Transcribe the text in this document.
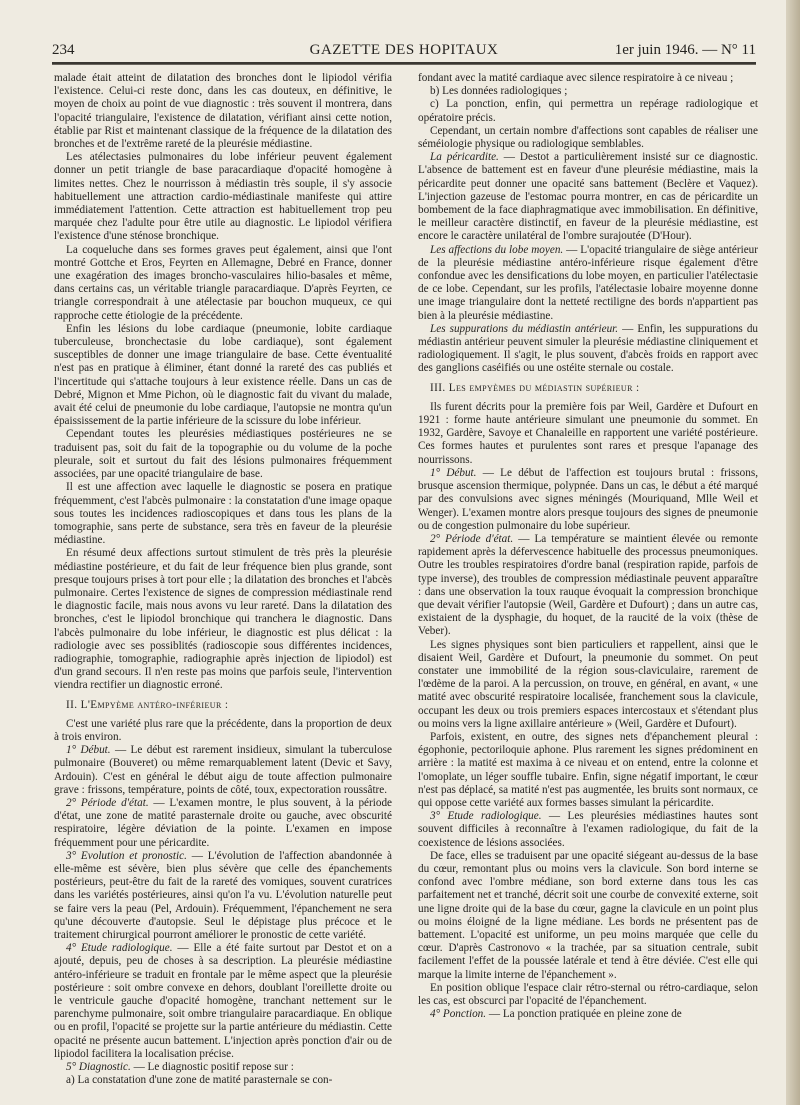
234	GAZETTE DES HOPITAUX	1er juin 1946. — N° 11

malade était atteint de dilatation des bronches dont le lipiodol vérifia l'existence. Celui-ci reste donc, dans les cas douteux, en définitive, le moyen de choix au point de vue diagnostic : très souvent il montrera, dans l'opacité triangulaire, l'existence de dilatation, vérifiant ainsi cette notion, établie par Rist et maintenant classique de la fréquence de la dilatation des bronches et de l'extrême rareté de la pleurésie médiastine.

Les atélectasies pulmonaires du lobe inférieur peuvent également donner un petit triangle de base paracardiaque d'opacité homogène à limites nettes. Chez le nourrisson à médiastin très souple, il s'y associe habituellement une attraction cardio-médiastinale manifeste qui attire immédiatement l'attention. Cette attraction est habituellement trop peu marquée chez l'adulte pour être utile au diagnostic. Le lipiodol vérifiera l'existence d'une sténose bronchique.

La coqueluche dans ses formes graves peut également, ainsi que l'ont montré Gottche et Eros, Feyrten en Allemagne, Debré en France, donner une exagération des images broncho-vasculaires hilio-basales et même, dans certains cas, un véritable triangle paracardiaque. D'après Feyrten, ce triangle correspondrait à une atélectasie par bouchon muqueux, ce qui rapproche cette étiologie de la précédente.

Enfin les lésions du lobe cardiaque (pneumonie, lobite cardiaque tuberculeuse, bronchectasie du lobe cardiaque), sont également susceptibles de donner une image triangulaire de base. Cette éventualité n'est pas en pratique à éliminer, étant donné la rareté des cas publiés et l'incertitude qui s'attache toujours à leur existence réelle. Dans un cas de Debré, Mignon et Mme Pichon, où le diagnostic fait du vivant du malade, avait été celui de pneumonie du lobe cardiaque, l'autopsie ne montra qu'un épaississement de la partie inférieure de la scissure du lobe inférieur.

Cependant toutes les pleurésies médiastiques postérieures ne se traduisent pas, soit du fait de la topographie ou du volume de la poche pleurale, soit et surtout du fait des lésions pulmonaires fréquemment associées, par une opacité triangulaire de base.

Il est une affection avec laquelle le diagnostic se posera en pratique fréquemment, c'est l'abcès pulmonaire : la constatation d'une image opaque sous toutes les incidences radioscopiques et dans tous les plans de la tomographie, sans perte de substance, sera très en faveur de la pleurésie médiastine.

En résumé deux affections surtout stimulent de très près la pleurésie médiastine postérieure, et du fait de leur fréquence bien plus grande, sont presque toujours prises à tort pour elle ; la dilatation des bronches et l'abcès pulmonaire. Certes l'existence de signes de compression médiastinale rend le diagnostic facile, mais nous avons vu leur rareté. Dans la dilatation des bronches, c'est le lipiodol bronchique qui tranchera le diagnostic. Dans l'abcès pulmonaire du lobe inférieur, le diagnostic est plus délicat : la radiologie avec ses possiblités (radioscopie sous différentes incidences, radiographie, tomographie, radiographie après injection de lipiodol) est d'un grand secours. Il n'en reste pas moins que parfois seule, l'intervention viendra rectifier un diagnostic erroné.

II. L'Empyème antéro-inférieur :

C'est une variété plus rare que la précédente, dans la proportion de deux à trois environ.

1° Début. — Le début est rarement insidieux, simulant la tuberculose pulmonaire (Bouveret) ou même remarquablement latent (Devic et Savy, Ardouin). C'est en général le début aigu de toute affection pulmonaire grave : frissons, température, points de côté, toux, expectoration roussâtre.

2° Période d'état. — L'examen montre, le plus souvent, à la période d'état, une zone de matité parasternale droite ou gauche, avec obscurité respiratoire, légère déviation de la pointe. L'examen en impose fréquemment pour une péricardite.

3° Evolution et pronostic. — L'évolution de l'affection abandonnée à elle-même est sévère, bien plus sévère que celle des épanchements postérieurs, peut-être du fait de la rareté des vomiques, souvent curatrices dans les variétés postérieures, ainsi qu'on l'a vu. L'évolution naturelle peut se faire vers la peau (Pel, Ardouin). Fréquemment, l'épanchement ne sera qu'une découverte d'autopsie. Seul le dépistage plus précoce et le traitement chirurgical pourront améliorer le pronostic de cette variété.

4° Etude radiologique. — Elle a été faite surtout par Destot et on a ajouté, depuis, peu de choses à sa description. La pleurésie médiastine antéro-inférieure se traduit en frontale par le même aspect que la pleurésie postérieure : soit ombre convexe en dehors, doublant l'oreillette droite ou le ventricule gauche d'opacité homogène, tranchant nettement sur le parenchyme pulmonaire, soit ombre triangulaire paracardiaque. En oblique ou en profil, l'opacité se projette sur la partie antérieure du médiastin. Cette opacité ne présente aucun battement. L'injection après ponction d'air ou de lipiodol facilitera la localisation précise.

5° Diagnostic. — Le diagnostic positif repose sur :

a) La constatation d'une zone de matité parasternale se con-

fondant avec la matité cardiaque avec silence respiratoire à ce niveau ;

b) Les données radiologiques ;

c) La ponction, enfin, qui permettra un repérage radiologique et opératoire précis.

Cependant, un certain nombre d'affections sont capables de réaliser une séméiologie physique ou radiologique semblables.

La péricardite. — Destot a particulièrement insisté sur ce diagnostic. L'absence de battement est en faveur d'une pleurésie médiastine, mais la péricardite peut donner une opacité sans battement (Beclère et Vaquez). L'injection gazeuse de l'estomac pourra montrer, en cas de péricardite un bombement de la face diaphragmatique avec immobilisation. En définitive, le meilleur caractère distinctif, en faveur de la pleurésie médiastine, est encore le caractère unilatéral de l'ombre surajoutée (D'Hour).

Les affections du lobe moyen. — L'opacité triangulaire de siège antérieur de la pleurésie médiastine antéro-inférieure risque également d'être confondue avec les densifications du lobe moyen, en particulier l'atélectasie de ce lobe. Cependant, sur les profils, l'atélectasie lobaire moyenne donne une image triangulaire dont la netteté rectiligne des bords n'appartient pas bien à la pleurésie médiastine.

Les suppurations du médiastin antérieur. — Enfin, les suppurations du médiastin antérieur peuvent simuler la pleurésie médiastine cliniquement et radiologiquement. Il s'agit, le plus souvent, d'abcès froids en rapport avec des ganglions caséifiés ou une ostéite sternale ou costale.

III. Les empyèmes du médiastin supérieur :

Ils furent décrits pour la première fois par Weil, Gardère et Dufourt en 1921 : forme haute antérieure simulant une pneumonie du sommet. En 1932, Gardère, Savoye et Chanaleille en rapportent une variété postérieure. Ces formes hautes et purulentes sont rares et presque l'apanage des nourrissons.

1° Début. — Le début de l'affection est toujours brutal : frissons, brusque ascension thermique, polypnée. Dans un cas, le début a été marqué par des convulsions avec signes méningés (Mouriquand, Mlle Weil et Wenger). L'examen montre alors presque toujours des signes de pneumonie ou de congestion pulmonaire du lobe supérieur.

2° Période d'état. — La température se maintient élevée ou remonte rapidement après la défervescence habituelle des processus pneumoniques. Outre les troubles respiratoires d'ordre banal (respiration rapide, parfois de type inverse), des troubles de compression médiastinale peuvent apparaître : dans une observation la toux rauque évoquait la compression bronchique que devait vérifier l'autopsie (Weil, Gardère et Dufourt) ; dans un autre cas, existaient de la dysphagie, du hoquet, de la raucité de la voix (thèse de Veber).

Les signes physiques sont bien particuliers et rappellent, ainsi que le disaient Weil, Gardère et Dufourt, la pneumonie du sommet. On peut constater une immobilité de la région sous-claviculaire, rarement de l'œdème de la paroi. A la percussion, on trouve, en général, en avant, « une matité avec obscurité respiratoire localisée, franchement sous la clavicule, occupant les deux ou trois premiers espaces intercostaux et s'étendant plus ou moins vers la ligne axillaire antérieure » (Weil, Gardère et Dufourt).

Parfois, existent, en outre, des signes nets d'épanchement pleural : égophonie, pectoriloquie aphone. Plus rarement les signes prédominent en arrière : la matité est maxima à ce niveau et on entend, entre la colonne et l'omoplate, un léger souffle tubaire. Enfin, signe négatif important, le cœur n'est pas déplacé, sa matité n'est pas augmentée, les bruits sont normaux, ce qui oppose cette variété aux formes basses simulant la péricardite.

3° Etude radiologique. — Les pleurésies médiastines hautes sont souvent difficiles à reconnaître à l'examen radiologique, du fait de la coexistence de lésions associées.

De face, elles se traduisent par une opacité siégeant au-dessus de la base du cœur, remontant plus ou moins vers la clavicule. Son bord interne se confond avec l'ombre médiane, son bord externe dans tous les cas parfaitement net et tranché, décrit soit une courbe de convexité externe, soit une ligne droite qui de la base du cœur, gagne la clavicule en un point plus ou moins éloigné de la ligne médiane. Les bords ne présentent pas de battement. L'opacité est uniforme, un peu moins marquée que celle du cœur. D'après Castronovo « la trachée, par sa situation centrale, subit facilement l'effet de la poussée latérale et tend à être déviée. C'est elle qui marque la limite interne de l'épanchement ».

En position oblique l'espace clair rétro-sternal ou rétro-cardiaque, selon les cas, est obscurci par l'opacité de l'épanchement.

4° Ponction. — La ponction pratiquée en pleine zone de
